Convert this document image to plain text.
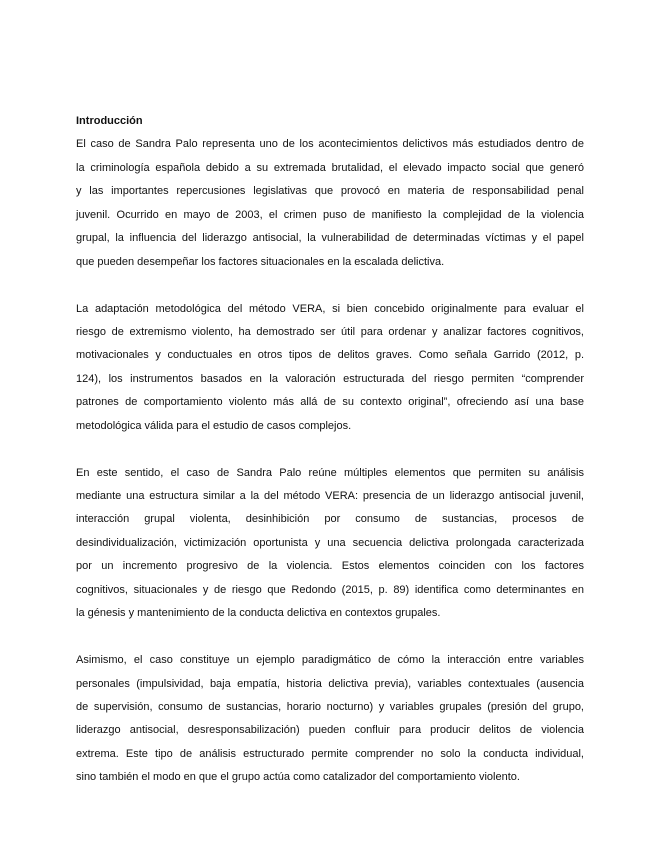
Introducción
El caso de Sandra Palo representa uno de los acontecimientos delictivos más estudiados dentro de
la criminología española debido a su extremada brutalidad, el elevado impacto social que generó
y las importantes repercusiones legislativas que provocó en materia de responsabilidad penal
juvenil. Ocurrido en mayo de 2003, el crimen puso de manifiesto la complejidad de la violencia
grupal, la influencia del liderazgo antisocial, la vulnerabilidad de determinadas víctimas y el papel
que pueden desempeñar los factores situacionales en la escalada delictiva.
La adaptación metodológica del método VERA, si bien concebido originalmente para evaluar el
riesgo de extremismo violento, ha demostrado ser útil para ordenar y analizar factores cognitivos,
motivacionales y conductuales en otros tipos de delitos graves. Como señala Garrido (2012, p.
124), los instrumentos basados en la valoración estructurada del riesgo permiten “comprender
patrones de comportamiento violento más allá de su contexto original”, ofreciendo así una base
metodológica válida para el estudio de casos complejos.
En este sentido, el caso de Sandra Palo reúne múltiples elementos que permiten su análisis
mediante una estructura similar a la del método VERA: presencia de un liderazgo antisocial juvenil,
interacción grupal violenta, desinhibición por consumo de sustancias, procesos de
desindividualización, victimización oportunista y una secuencia delictiva prolongada caracterizada
por un incremento progresivo de la violencia. Estos elementos coinciden con los factores
cognitivos, situacionales y de riesgo que Redondo (2015, p. 89) identifica como determinantes en
la génesis y mantenimiento de la conducta delictiva en contextos grupales.
Asimismo, el caso constituye un ejemplo paradigmático de cómo la interacción entre variables
personales (impulsividad, baja empatía, historia delictiva previa), variables contextuales (ausencia
de supervisión, consumo de sustancias, horario nocturno) y variables grupales (presión del grupo,
liderazgo antisocial, desresponsabilización) pueden confluir para producir delitos de violencia
extrema. Este tipo de análisis estructurado permite comprender no solo la conducta individual,
sino también el modo en que el grupo actúa como catalizador del comportamiento violento.
